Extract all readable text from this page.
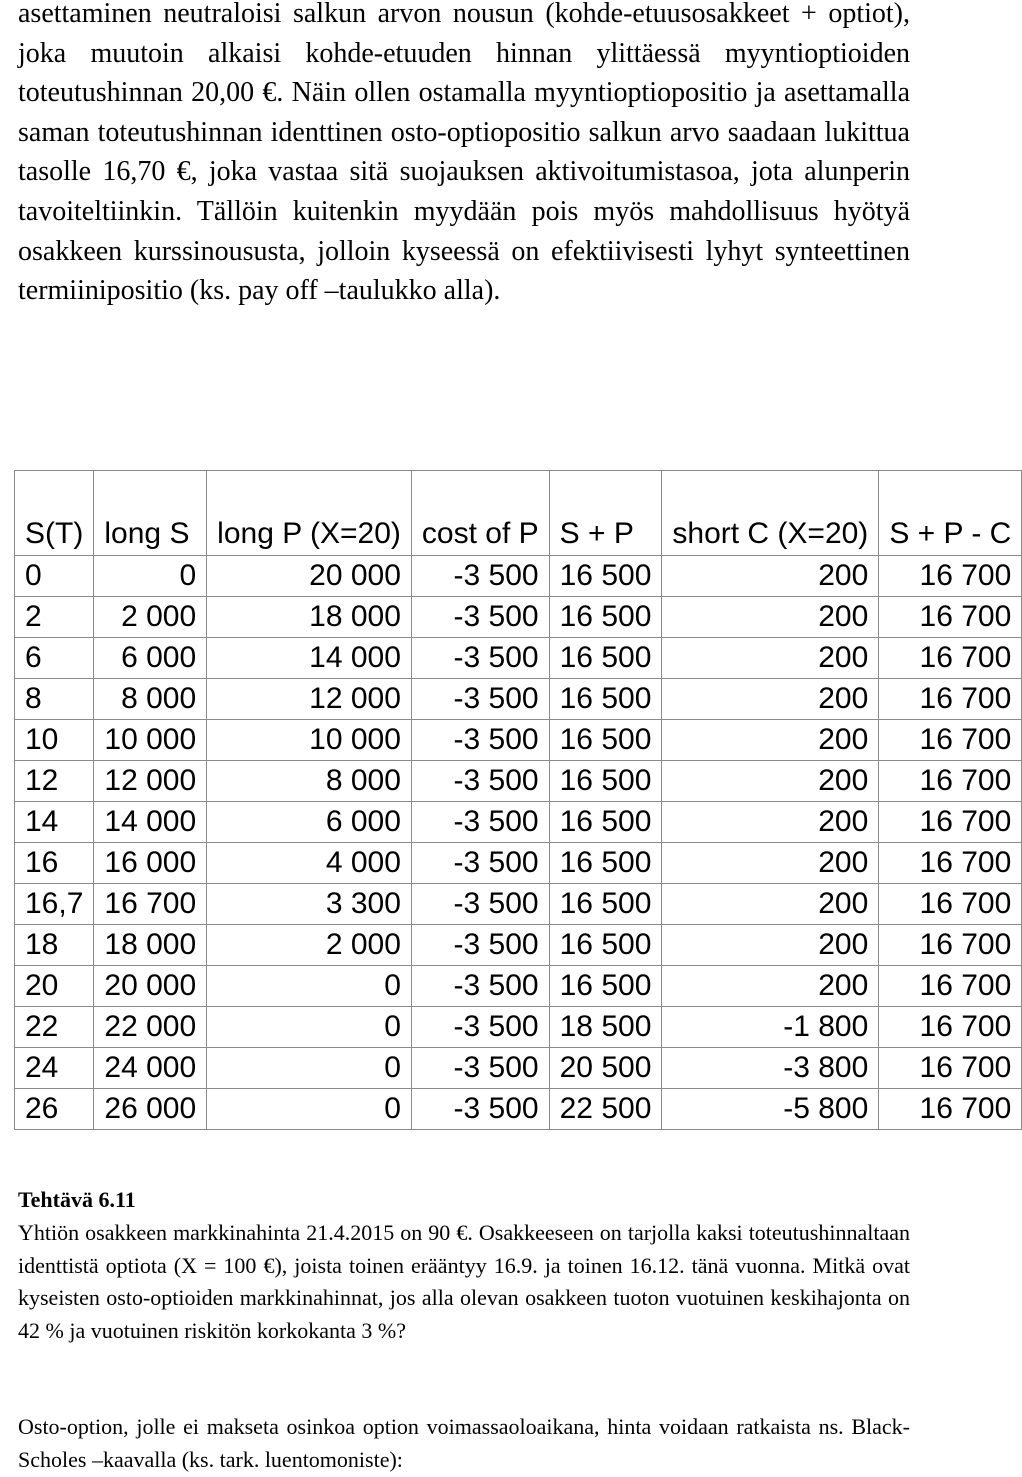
asettaminen neutraloisi salkun arvon nousun (kohde-etuusosakkeet + optiot), joka muutoin alkaisi kohde-etuuden hinnan ylittäessä myyntioptioiden toteutushinnan 20,00 €. Näin ollen ostamalla myyntioptiopositio ja asettamalla saman toteutushinnan identtinen osto-optiopositio salkun arvo saadaan lukittua tasolle 16,70 €, joka vastaa sitä suojauksen aktivoitumistasoa, jota alunperin tavoiteltiinkin. Tällöin kuitenkin myydään pois myös mahdollisuus hyötyä osakkeen kurssinoususta, jolloin kyseessä on efektiivisesti lyhyt synteettinen termiinipositio (ks. pay off –taulukko alla).

S(T)	long S	long P (X=20)	cost of P	S + P	short C (X=20)	S + P - C
0	0	20 000	-3 500	16 500	200	16 700
2	2 000	18 000	-3 500	16 500	200	16 700
6	6 000	14 000	-3 500	16 500	200	16 700
8	8 000	12 000	-3 500	16 500	200	16 700
10	10 000	10 000	-3 500	16 500	200	16 700
12	12 000	8 000	-3 500	16 500	200	16 700
14	14 000	6 000	-3 500	16 500	200	16 700
16	16 000	4 000	-3 500	16 500	200	16 700
16,7	16 700	3 300	-3 500	16 500	200	16 700
18	18 000	2 000	-3 500	16 500	200	16 700
20	20 000	0	-3 500	16 500	200	16 700
22	22 000	0	-3 500	18 500	-1 800	16 700
24	24 000	0	-3 500	20 500	-3 800	16 700
26	26 000	0	-3 500	22 500	-5 800	16 700

Tehtävä 6.11

Yhtiön osakkeen markkinahinta 21.4.2015 on 90 €. Osakkeeseen on tarjolla kaksi toteutushinnaltaan identtistä optiota (X = 100 €), joista toinen erääntyy 16.9. ja toinen 16.12. tänä vuonna. Mitkä ovat kyseisten osto-optioiden markkinahinnat, jos alla olevan osakkeen tuoton vuotuinen keskihajonta on 42 % ja vuotuinen riskitön korkokanta 3 %?

Osto-option, jolle ei makseta osinkoa option voimassaoloaikana, hinta voidaan ratkaista ns. Black-Scholes –kaavalla (ks. tark. luentomoniste):
